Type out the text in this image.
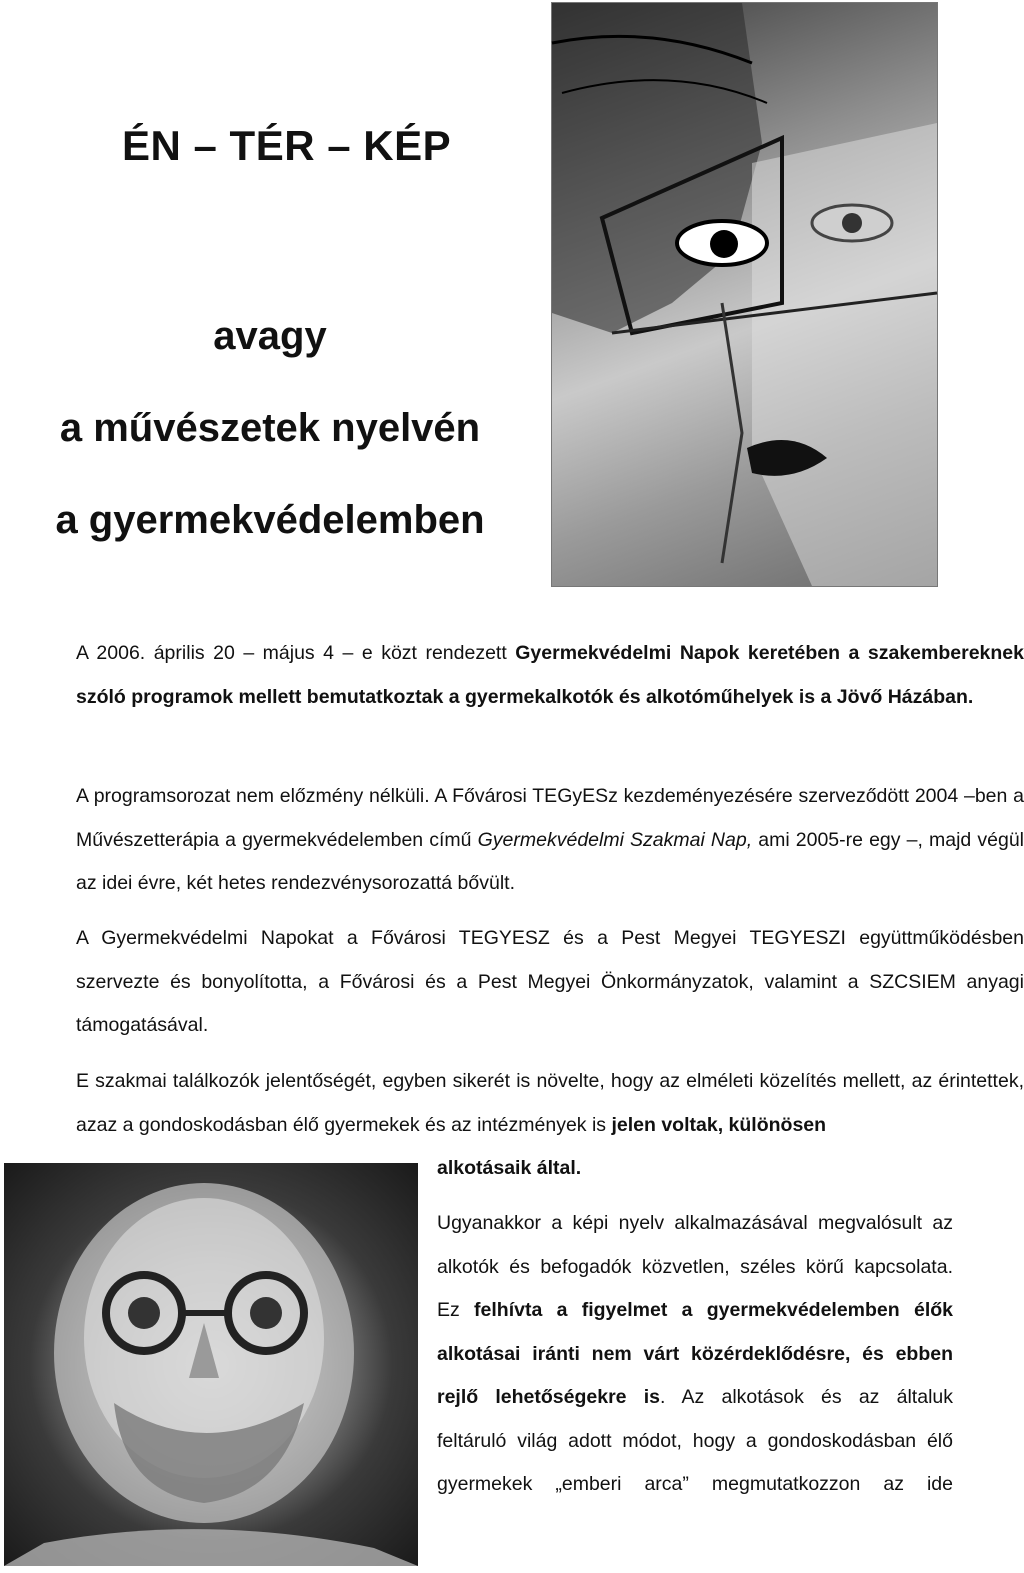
ÉN – TÉR – KÉP
avagy
a művészetek nyelvén
a gyermekvédelemben

A 2006. április 20 – május 4 – e közt rendezett Gyermekvédelmi Napok keretében a szakembereknek szóló programok mellett bemutatkoztak a gyermekalkotók és alkotóműhelyek is a Jövő Házában.

A programsorozat nem előzmény nélküli. A Fővárosi TEGyESz kezdeményezésére szerveződött 2004 –ben a Művészetterápia a gyermekvédelemben című Gyermekvédelmi Szakmai Nap, ami 2005-re egy –, majd végül az idei évre, két hetes rendezvénysorozattá bővült.

A Gyermekvédelmi Napokat a Fővárosi TEGYESZ és a Pest Megyei TEGYESZI együttműködésben szervezte és bonyolította, a Fővárosi és a Pest Megyei Önkormányzatok, valamint a SZCSIEM anyagi támogatásával.

E szakmai találkozók jelentőségét, egyben sikerét is növelte, hogy az elméleti közelítés mellett, az érintettek, azaz a gondoskodásban élő gyermekek és az intézmények is jelen voltak, különösen

alkotásaik által.

Ugyanakkor a képi nyelv alkalmazásával megvalósult az
alkotók és befogadók közvetlen, széles körű kapcsolata.
Ez felhívta a figyelmet a gyermekvédelemben élők
alkotásai iránti nem várt közérdeklődésre, és ebben
rejlő lehetőségekre is. Az alkotások és az általuk
feltáruló világ adott módot, hogy a gondoskodásban élő
gyermekek „emberi arca” megmutatkozzon az ide
